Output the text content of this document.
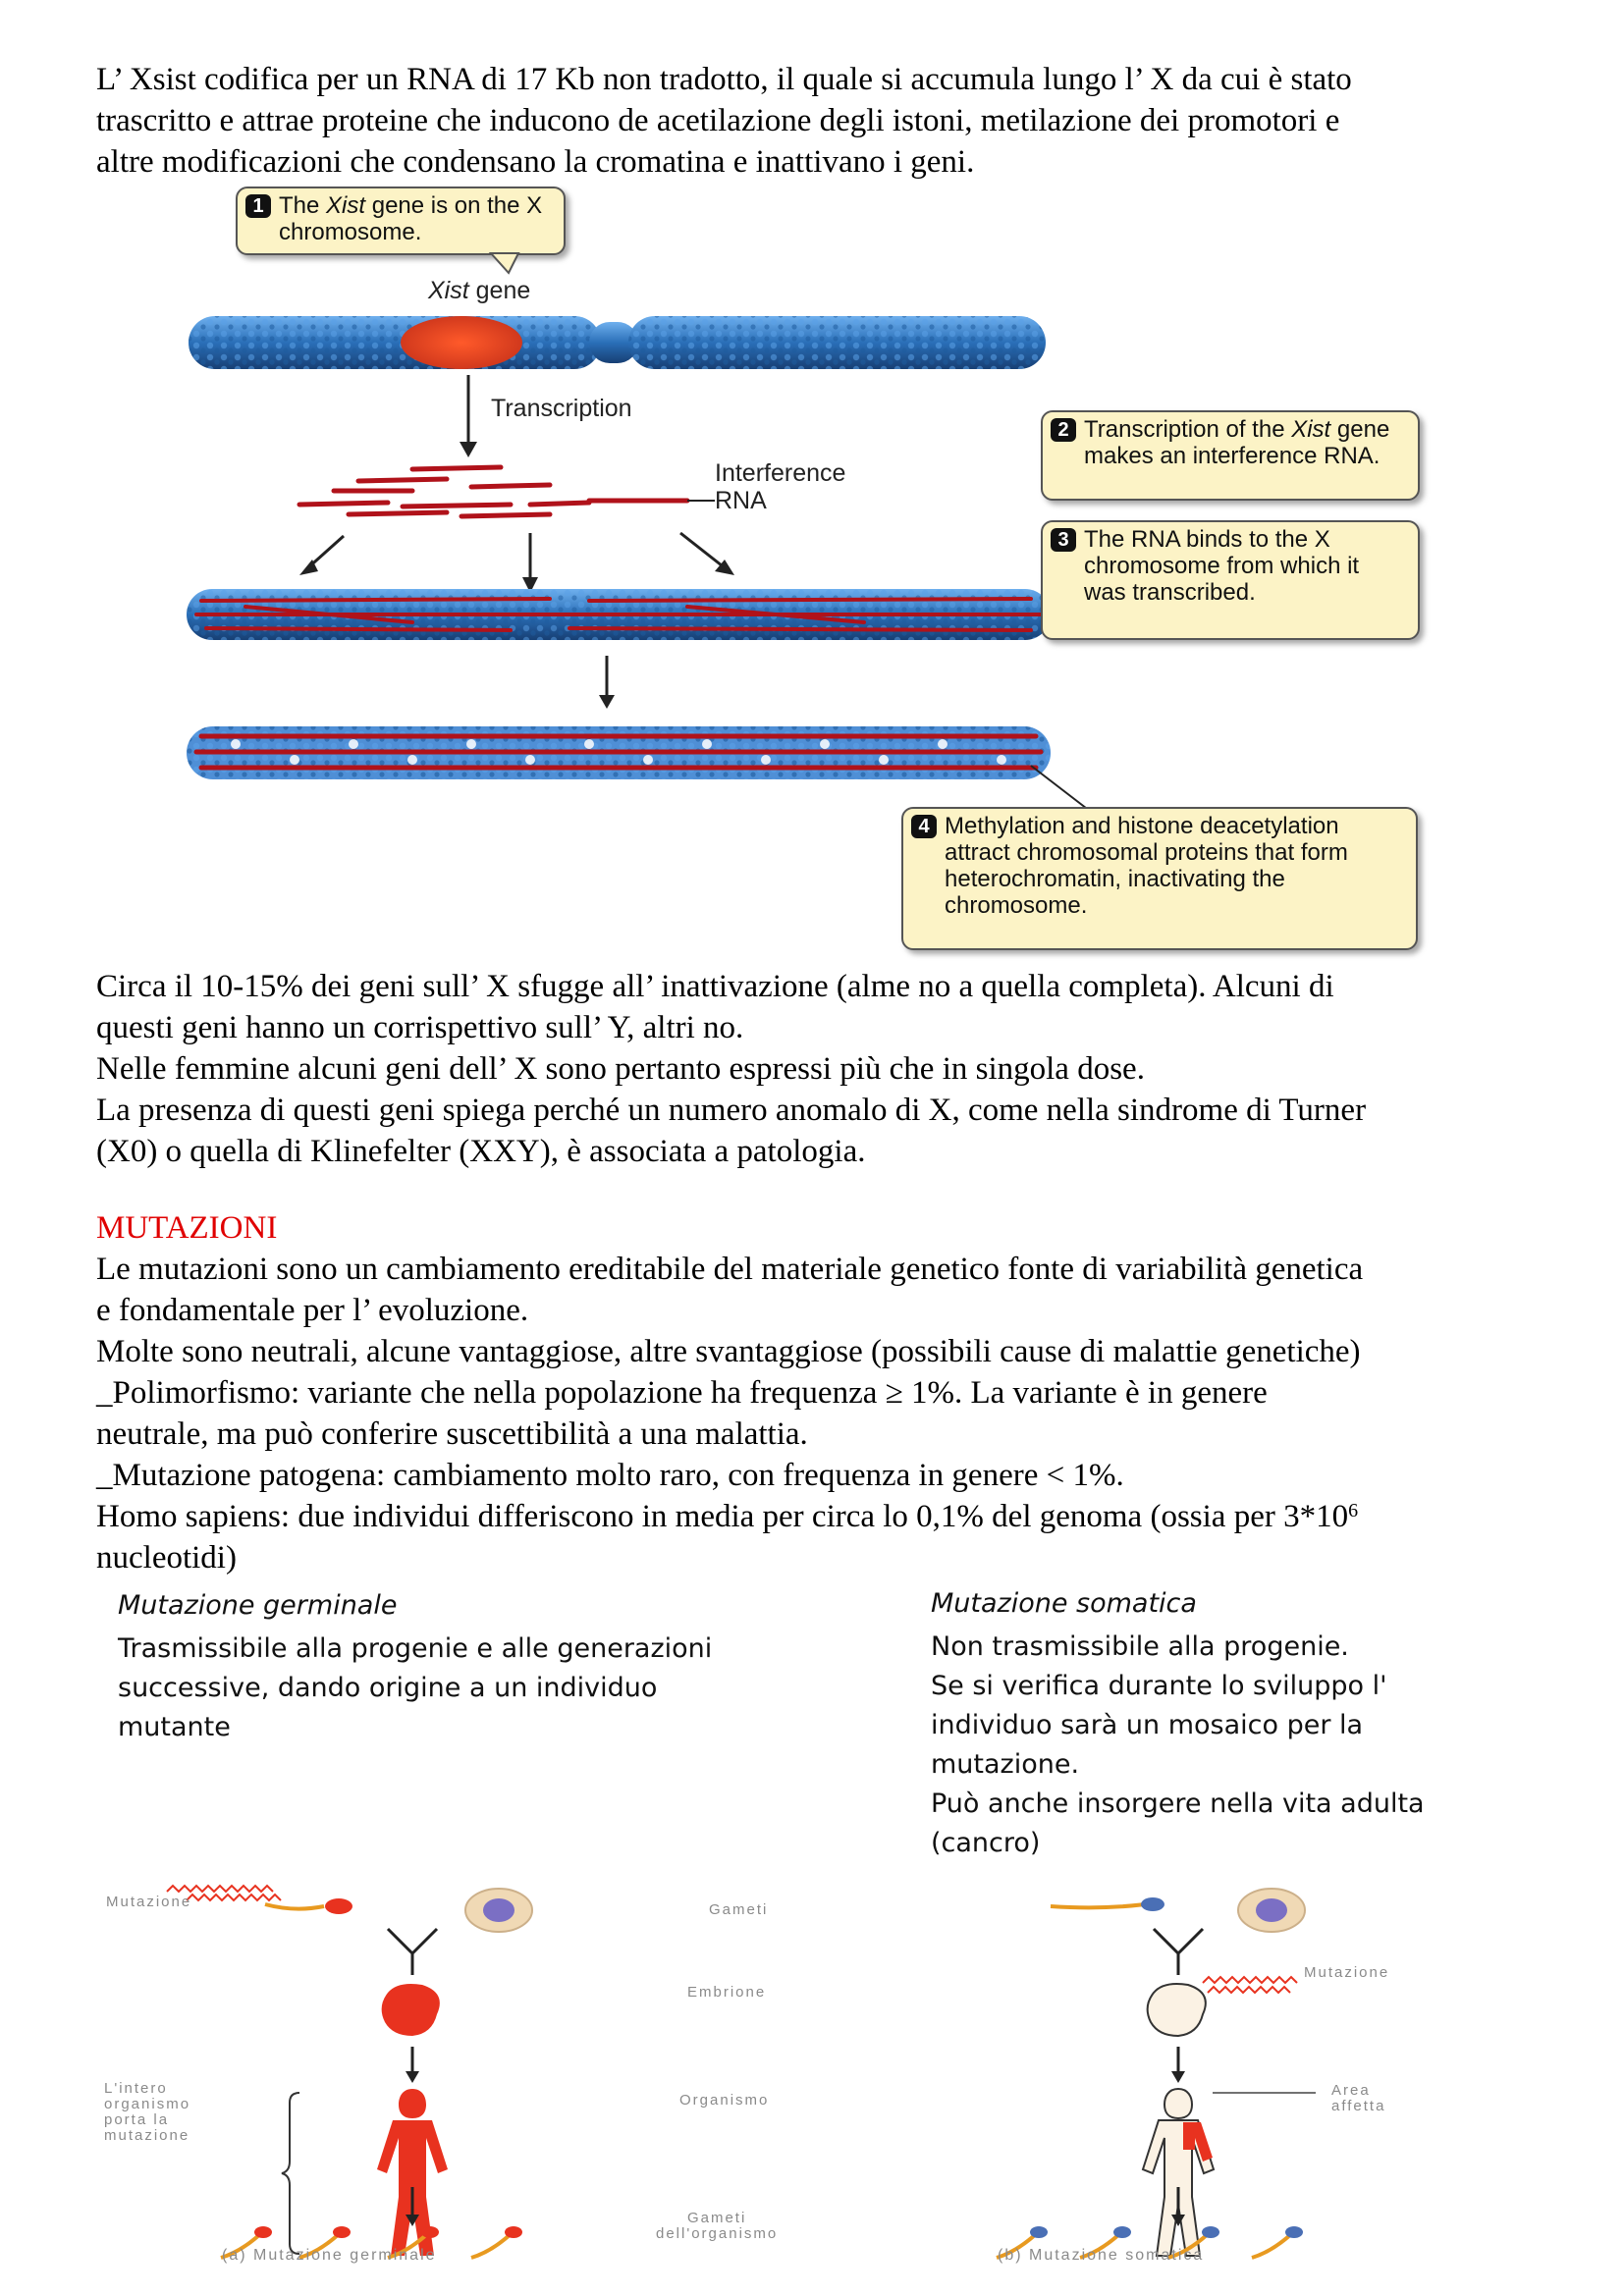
L’ Xsist codifica per un RNA di 17 Kb non tradotto, il quale si accumula lungo l’ X da cui è stato

trascritto e attrae proteine che inducono de acetilazione degli istoni, metilazione dei promotori e

altre modificazioni che condensano la cromatina e inattivano i geni.

1 The Xist gene is on the X chromosome.
Xist gene
Transcription
Interference
RNA
2 Transcription of the Xist gene makes an interference RNA.
3 The RNA binds to the X chromosome from which it was transcribed.
4 Methylation and histone deacetylation attract chromosomal proteins that form heterochromatin, inactivating the chromosome.

Circa il 10-15% dei geni sull’ X sfugge all’ inattivazione (alme no a quella completa). Alcuni di

questi geni hanno un corrispettivo sull’ Y, altri no.

Nelle femmine alcuni geni dell’ X sono pertanto espressi più che in singola dose.

La presenza di questi geni spiega perché un numero anomalo di X, come nella sindrome di Turner

(X0) o quella di Klinefelter (XXY), è associata a patologia.

MUTAZIONI

Le mutazioni sono un cambiamento ereditabile del materiale genetico fonte di variabilità genetica

e fondamentale per l’ evoluzione.

Molte sono neutrali, alcune vantaggiose, altre svantaggiose (possibili cause di malattie genetiche)

_Polimorfismo: variante che nella popolazione ha frequenza ≥ 1%. La variante è in genere

neutrale, ma può conferire suscettibilità a una malattia.

_Mutazione patogena: cambiamento molto raro, con frequenza in genere < 1%.

Homo sapiens: due individui differiscono in media per circa lo 0,1% del genoma (ossia per $3*10^6$

nucleotidi)

Mutazione germinale

Trasmissibile alla progenie e alle generazioni

successive, dando origine a un individuo

mutante

Mutazione somatica

Non trasmissibile alla progenie.

Se si verifica durante lo sviluppo l'

individuo sarà un mosaico per la

mutazione.

Può anche insorgere nella vita adulta

(cancro)

Mutazione	Gameti
Embrione
Organismo
Gameti
dell'organismo
L'intero
organismo
porta la
mutazione
Mutazione
Area
affetta
(a) Mutazione germinale	(b) Mutazione somatica
